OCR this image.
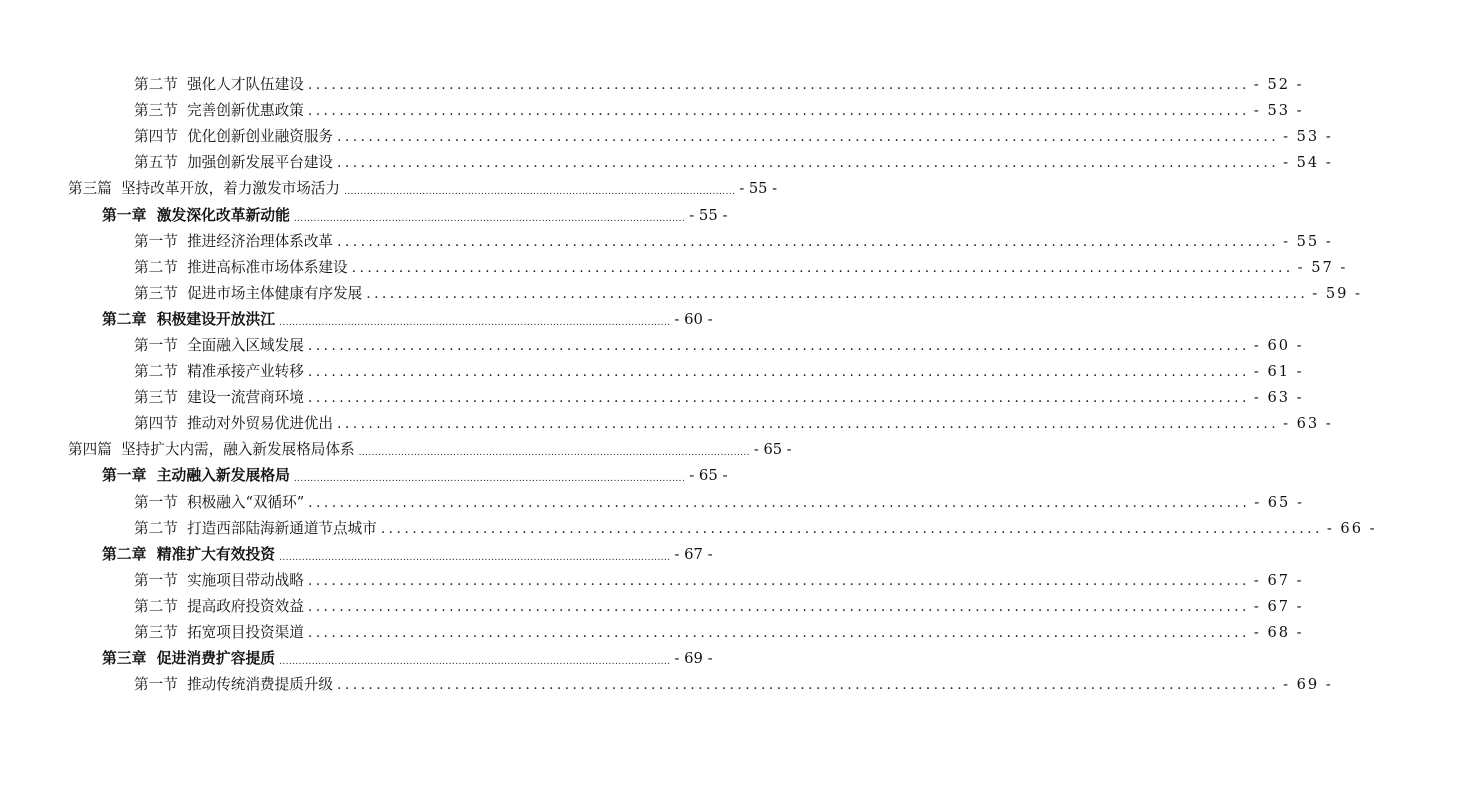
第二节 强化人才队伍建设 ........................................................................................................................ - 52 -
第三节 完善创新优惠政策 ........................................................................................................................ - 53 -
第四节 优化创新创业融资服务 ........................................................................................................................ - 53 -
第五节 加强创新发展平台建设 ........................................................................................................................ - 54 -
第三篇 坚持改革开放，着力激发市场活力 ........................................................................................................................ - 55 -
第一章 激发深化改革新动能 ........................................................................................................................ - 55 -
第一节 推进经济治理体系改革 ........................................................................................................................ - 55 -
第二节 推进高标准市场体系建设 ........................................................................................................................ - 57 -
第三节 促进市场主体健康有序发展 ........................................................................................................................ - 59 -
第二章 积极建设开放洪江 ........................................................................................................................ - 60 -
第一节 全面融入区域发展 ........................................................................................................................ - 60 -
第二节 精准承接产业转移 ........................................................................................................................ - 61 -
第三节 建设一流营商环境 ........................................................................................................................ - 63 -
第四节 推动对外贸易优进优出 ........................................................................................................................ - 63 -
第四篇 坚持扩大内需，融入新发展格局体系 ........................................................................................................................ - 65 -
第一章 主动融入新发展格局 ........................................................................................................................ - 65 -
第一节 积极融入“双循环” ........................................................................................................................ - 65 -
第二节 打造西部陆海新通道节点城市 ........................................................................................................................ - 66 -
第二章 精准扩大有效投资 ........................................................................................................................ - 67 -
第一节 实施项目带动战略 ........................................................................................................................ - 67 -
第二节 提高政府投资效益 ........................................................................................................................ - 67 -
第三节 拓宽项目投资渠道 ........................................................................................................................ - 68 -
第三章 促进消费扩容提质 ........................................................................................................................ - 69 -
第一节 推动传统消费提质升级 ........................................................................................................................ - 69 -
